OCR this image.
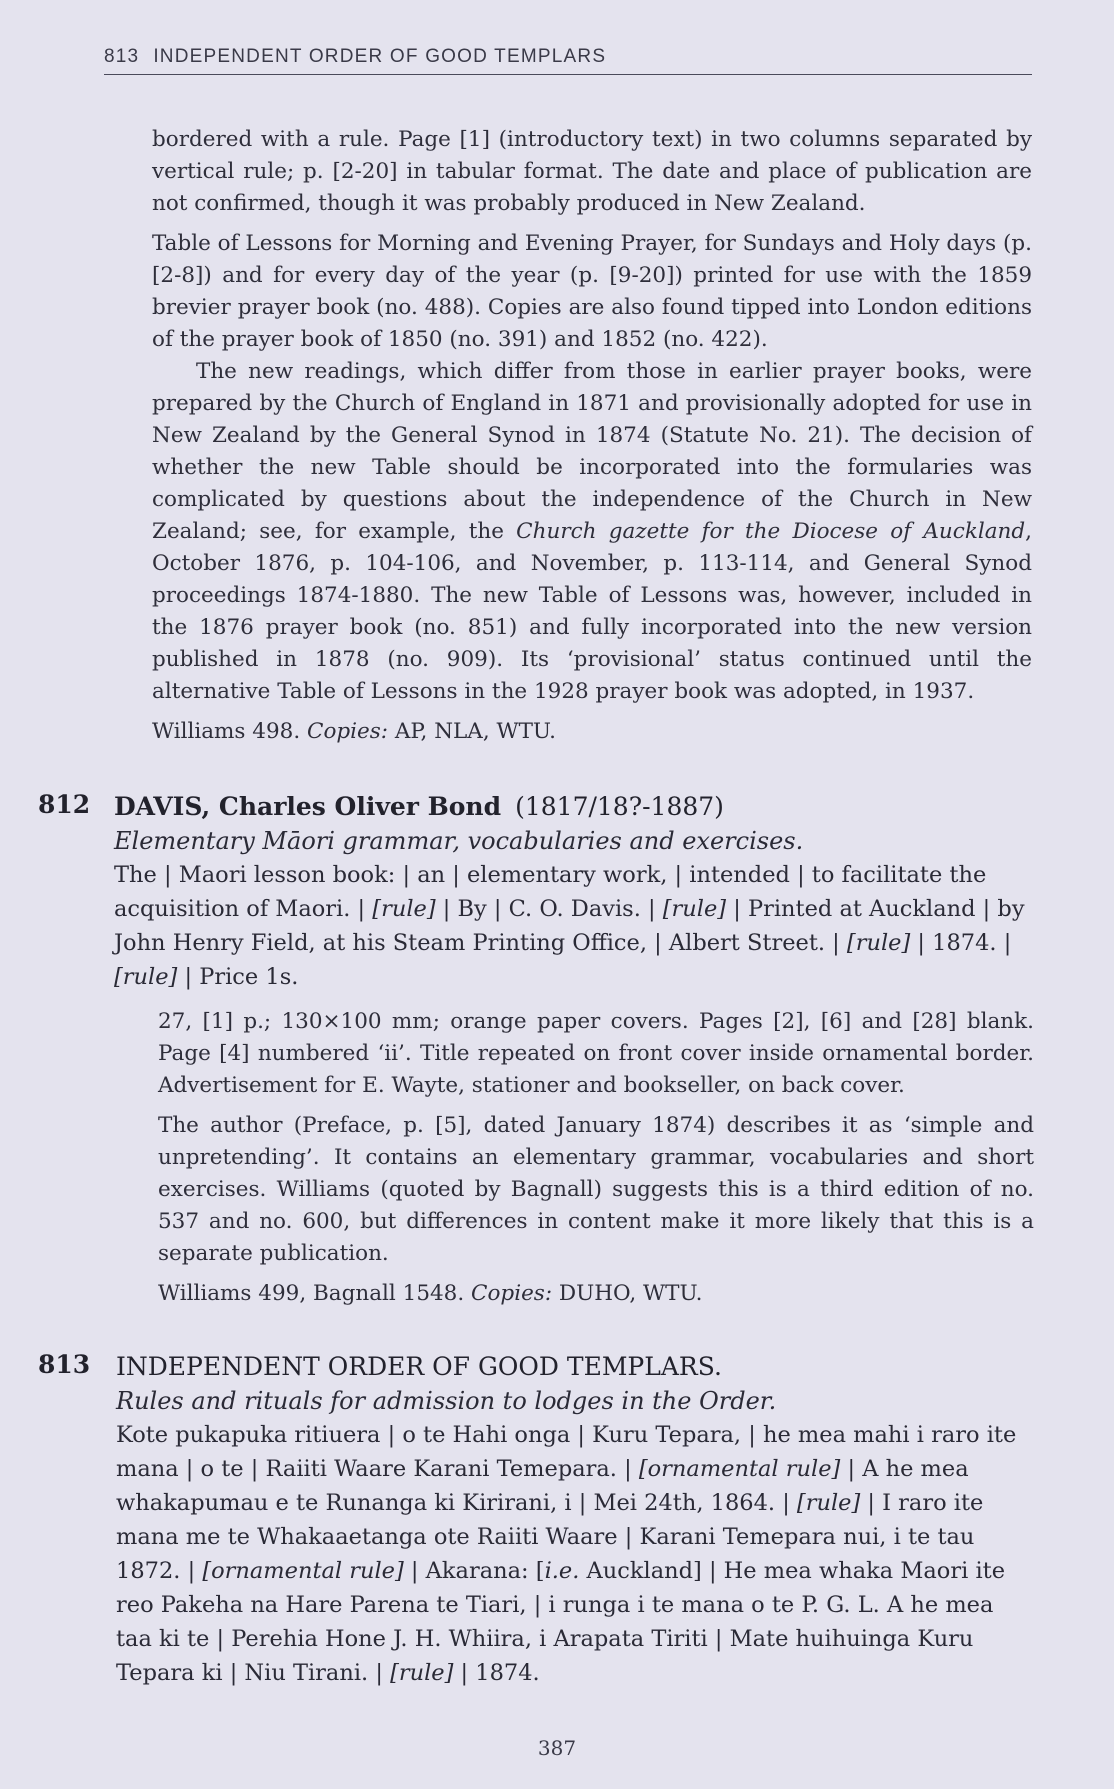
813 INDEPENDENT ORDER OF GOOD TEMPLARS

bordered with a rule. Page [1] (introductory text) in two columns separated by vertical rule; p. [2-20] in tabular format. The date and place of publication are not confirmed, though it was probably produced in New Zealand.

Table of Lessons for Morning and Evening Prayer, for Sundays and Holy days (p. [2-8]) and for every day of the year (p. [9-20]) printed for use with the 1859 brevier prayer book (no. 488). Copies are also found tipped into London editions of the prayer book of 1850 (no. 391) and 1852 (no. 422).

The new readings, which differ from those in earlier prayer books, were prepared by the Church of England in 1871 and provisionally adopted for use in New Zealand by the General Synod in 1874 (Statute No. 21). The decision of whether the new Table should be incorporated into the formularies was complicated by questions about the independence of the Church in New Zealand; see, for example, the Church gazette for the Diocese of Auckland, October 1876, p. 104-106, and November, p. 113-114, and General Synod proceedings 1874-1880. The new Table of Lessons was, however, included in the 1876 prayer book (no. 851) and fully incorporated into the new version published in 1878 (no. 909). Its ‘provisional’ status continued until the alternative Table of Lessons in the 1928 prayer book was adopted, in 1937.

Williams 498. Copies: AP, NLA, WTU.

812 DAVIS, Charles Oliver Bond (1817/18?-1887)
Elementary Māori grammar, vocabularies and exercises.

The | Maori lesson book: | an | elementary work, | intended | to facilitate the acquisition of Maori. | [rule] | By | C. O. Davis. | [rule] | Printed at Auckland | by John Henry Field, at his Steam Printing Office, | Albert Street. | [rule] | 1874. | [rule] | Price 1s.

27, [1] p.; 130×100 mm; orange paper covers. Pages [2], [6] and [28] blank. Page [4] numbered ‘ii’. Title repeated on front cover inside ornamental border. Advertisement for E. Wayte, stationer and bookseller, on back cover.

The author (Preface, p. [5], dated January 1874) describes it as ‘simple and unpretending’. It contains an elementary grammar, vocabularies and short exercises. Williams (quoted by Bagnall) suggests this is a third edition of no. 537 and no. 600, but differences in content make it more likely that this is a separate publication.

Williams 499, Bagnall 1548. Copies: DUHO, WTU.

813 INDEPENDENT ORDER OF GOOD TEMPLARS.
Rules and rituals for admission to lodges in the Order.

Kote pukapuka ritiuera | o te Hahi onga | Kuru Tepara, | he mea mahi i raro ite mana | o te | Raiiti Waare Karani Temepara. | [ornamental rule] | A he mea whakapumau e te Runanga ki Kirirani, i | Mei 24th, 1864. | [rule] | I raro ite mana me te Whakaaetanga ote Raiiti Waare | Karani Temepara nui, i te tau 1872. | [ornamental rule] | Akarana: [i.e. Auckland] | He mea whaka Maori ite reo Pakeha na Hare Parena te Tiari, | i runga i te mana o te P. G. L. A he mea taa ki te | Perehia Hone J. H. Whiira, i Arapata Tiriti | Mate huihuinga Kuru Tepara ki | Niu Tirani. | [rule] | 1874.

387
